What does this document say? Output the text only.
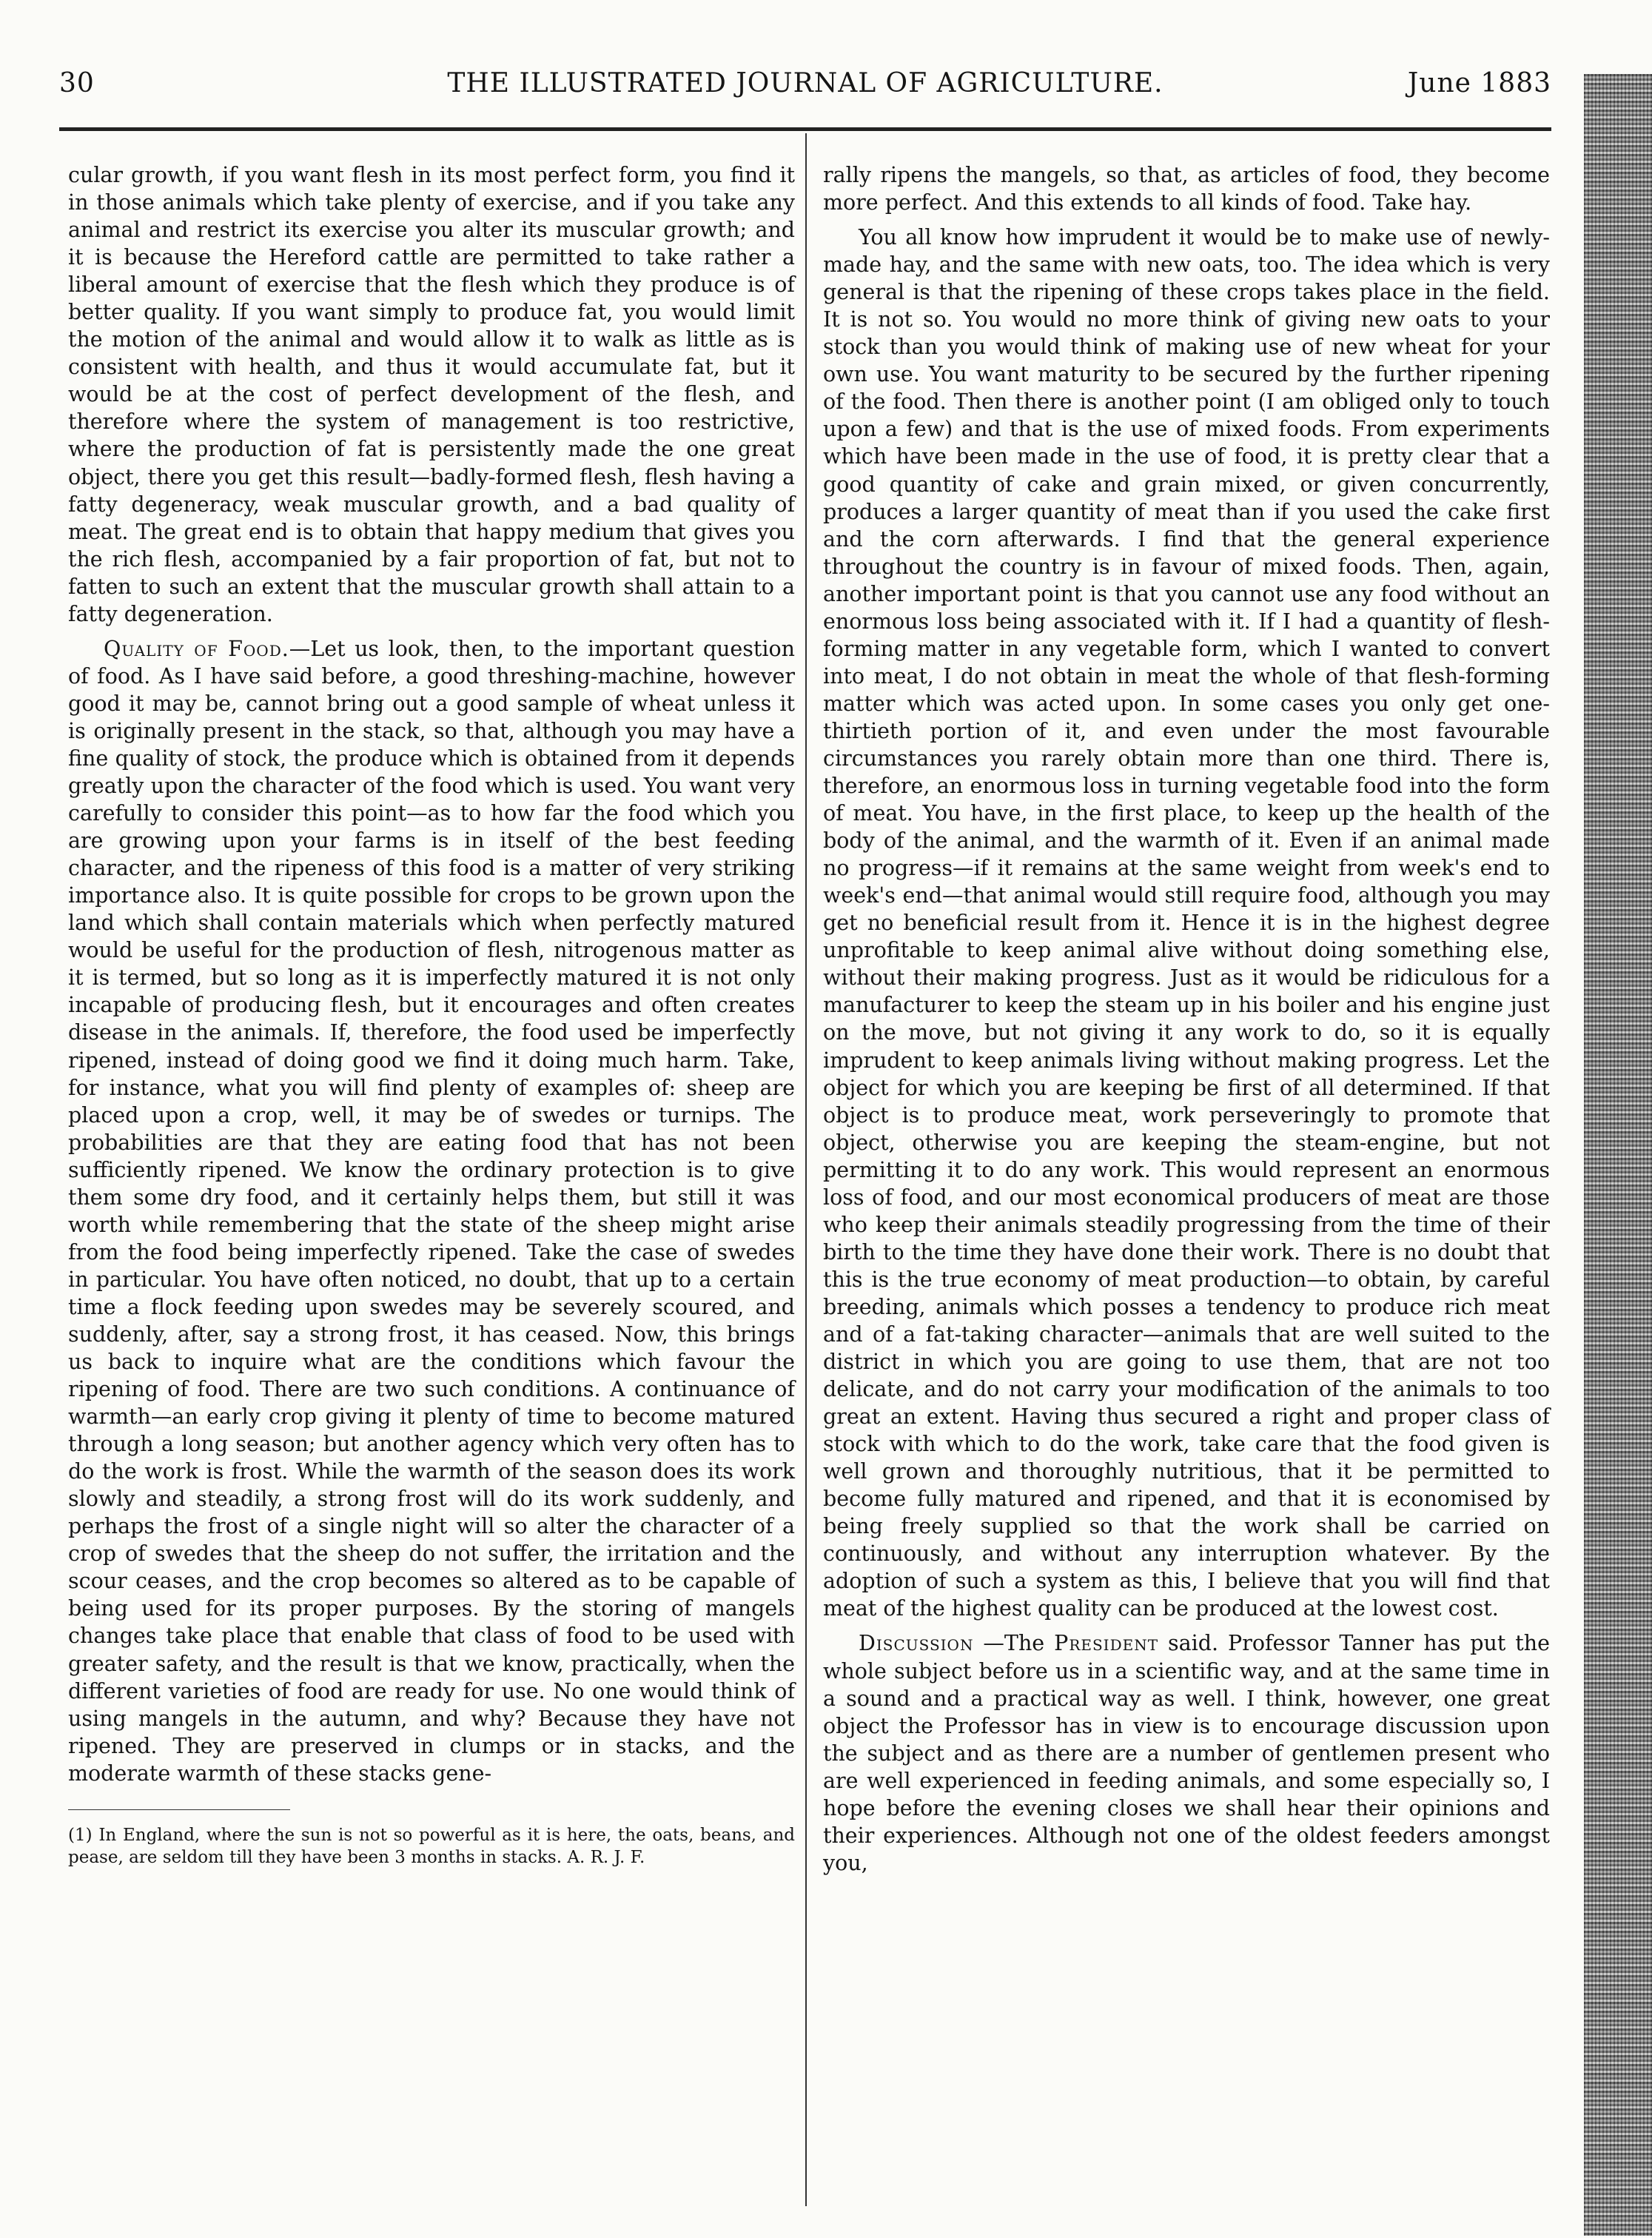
30	THE ILLUSTRATED JOURNAL OF AGRICULTURE.	June 1883

cular growth, if you want flesh in its most perfect form, you find it in those animals which take plenty of exercise, and if you take any animal and restrict its exercise you alter its muscular growth; and it is because the Hereford cattle are permitted to take rather a liberal amount of exercise that the flesh which they produce is of better quality. If you want simply to produce fat, you would limit the motion of the animal and would allow it to walk as little as is consistent with health, and thus it would accumulate fat, but it would be at the cost of perfect development of the flesh, and therefore where the system of management is too restrictive, where the production of fat is persistently made the one great object, there you get this result—badly-formed flesh, flesh having a fatty degeneracy, weak muscular growth, and a bad quality of meat. The great end is to obtain that happy medium that gives you the rich flesh, accompanied by a fair proportion of fat, but not to fatten to such an extent that the muscular growth shall attain to a fatty degeneration.

Quality of Food.—Let us look, then, to the important question of food. As I have said before, a good threshing-machine, however good it may be, cannot bring out a good sample of wheat unless it is originally present in the stack, so that, although you may have a fine quality of stock, the produce which is obtained from it depends greatly upon the character of the food which is used. You want very carefully to consider this point—as to how far the food which you are growing upon your farms is in itself of the best feeding character, and the ripeness of this food is a matter of very striking importance also. It is quite possible for crops to be grown upon the land which shall contain materials which when perfectly matured would be useful for the production of flesh, nitrogenous matter as it is termed, but so long as it is imperfectly matured it is not only incapable of producing flesh, but it encourages and often creates disease in the animals. If, therefore, the food used be imperfectly ripened, instead of doing good we find it doing much harm. Take, for instance, what you will find plenty of examples of: sheep are placed upon a crop, well, it may be of swedes or turnips. The probabilities are that they are eating food that has not been sufficiently ripened. We know the ordinary protection is to give them some dry food, and it certainly helps them, but still it was worth while remembering that the state of the sheep might arise from the food being imperfectly ripened. Take the case of swedes in particular. You have often noticed, no doubt, that up to a certain time a flock feeding upon swedes may be severely scoured, and suddenly, after, say a strong frost, it has ceased. Now, this brings us back to inquire what are the conditions which favour the ripening of food. There are two such conditions. A continuance of warmth—an early crop giving it plenty of time to become matured through a long season; but another agency which very often has to do the work is frost. While the warmth of the season does its work slowly and steadily, a strong frost will do its work suddenly, and perhaps the frost of a single night will so alter the character of a crop of swedes that the sheep do not suffer, the irritation and the scour ceases, and the crop becomes so altered as to be capable of being used for its proper purposes. By the storing of mangels changes take place that enable that class of food to be used with greater safety, and the result is that we know, practically, when the different varieties of food are ready for use. No one would think of using mangels in the autumn, and why? Because they have not ripened. They are preserved in clumps or in stacks, and the moderate warmth of these stacks gene-

(1) In England, where the sun is not so powerful as it is here, the oats, beans, and pease, are seldom till they have been 3 months in stacks. A. R. J. F.

rally ripens the mangels, so that, as articles of food, they become more perfect. And this extends to all kinds of food. Take hay.

You all know how imprudent it would be to make use of newly-made hay, and the same with new oats, too. The idea which is very general is that the ripening of these crops takes place in the field. It is not so. You would no more think of giving new oats to your stock than you would think of making use of new wheat for your own use. You want maturity to be secured by the further ripening of the food. Then there is another point (I am obliged only to touch upon a few) and that is the use of mixed foods. From experiments which have been made in the use of food, it is pretty clear that a good quantity of cake and grain mixed, or given concurrently, produces a larger quantity of meat than if you used the cake first and the corn afterwards. I find that the general experience throughout the country is in favour of mixed foods. Then, again, another important point is that you cannot use any food without an enormous loss being associated with it. If I had a quantity of flesh-forming matter in any vegetable form, which I wanted to convert into meat, I do not obtain in meat the whole of that flesh-forming matter which was acted upon. In some cases you only get one-thirtieth portion of it, and even under the most favourable circumstances you rarely obtain more than one third. There is, therefore, an enormous loss in turning vegetable food into the form of meat. You have, in the first place, to keep up the health of the body of the animal, and the warmth of it. Even if an animal made no progress—if it remains at the same weight from week's end to week's end—that animal would still require food, although you may get no beneficial result from it. Hence it is in the highest degree unprofitable to keep animal alive without doing something else, without their making progress. Just as it would be ridiculous for a manufacturer to keep the steam up in his boiler and his engine just on the move, but not giving it any work to do, so it is equally imprudent to keep animals living without making progress. Let the object for which you are keeping be first of all determined. If that object is to produce meat, work perseveringly to promote that object, otherwise you are keeping the steam-engine, but not permitting it to do any work. This would represent an enormous loss of food, and our most economical producers of meat are those who keep their animals steadily progressing from the time of their birth to the time they have done their work. There is no doubt that this is the true economy of meat production—to obtain, by careful breeding, animals which posses a tendency to produce rich meat and of a fat-taking character—animals that are well suited to the district in which you are going to use them, that are not too delicate, and do not carry your modification of the animals to too great an extent. Having thus secured a right and proper class of stock with which to do the work, take care that the food given is well grown and thoroughly nutritious, that it be permitted to become fully matured and ripened, and that it is economised by being freely supplied so that the work shall be carried on continuously, and without any interruption whatever. By the adoption of such a system as this, I believe that you will find that meat of the highest quality can be produced at the lowest cost.

Discussion —The President said. Professor Tanner has put the whole subject before us in a scientific way, and at the same time in a sound and a practical way as well. I think, however, one great object the Professor has in view is to encourage discussion upon the subject and as there are a number of gentlemen present who are well experienced in feeding animals, and some especially so, I hope before the evening closes we shall hear their opinions and their experiences. Although not one of the oldest feeders amongst you,
